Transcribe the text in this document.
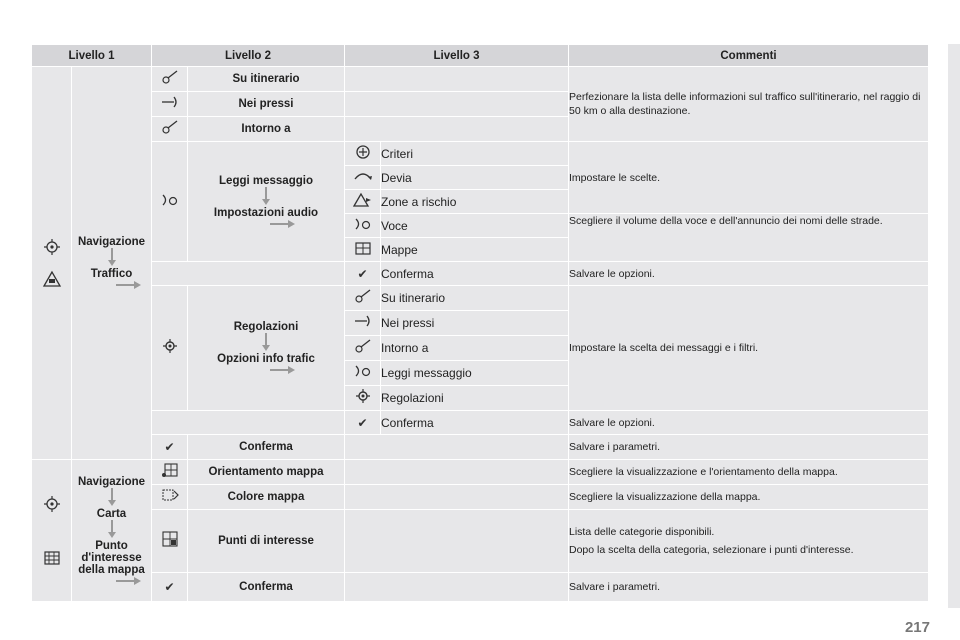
Livello 1		Livello 2		Livello 3		Commenti

Navigazione
Traffico		Su itinerario			Perfezionare la lista delle informazioni sul traffico sull'itinerario, nel raggio di 50 km o alla destinazione.

	Nei pressi			

	Intorno a			

Leggi messaggio
Impostazioni audio		Criteri	Impostare le scelte.

	Devia	

	Zone a rischio	

	Voce	Scegliere il volume della voce e dell'annuncio dei nomi delle strade.

	Mappe	
				✔	Conferma	Salvare le opzioni.

Regolazioni
Opzioni info trafic		Su itinerario	Impostare la scelta dei messaggi e i filtri.

	Nei pressi	

	Intorno a	

	Leggi messaggio	

	Regolazioni	
				✔	Conferma	Salvare le opzioni.
		✔	Conferma			Salvare i parametri.

Navigazione
Carta
Punto d'interesse della mappa		Orientamento mappa			Scegliere la visualizzazione e l'orientamento della mappa.

	Colore mappa			Scegliere la visualizzazione della mappa.

	Punti di interesse			Lista delle categorie disponibili.
Dopo la scelta della categoria, selezionare i punti d'interesse.

		✔	Conferma			Salvare i parametri.
217
